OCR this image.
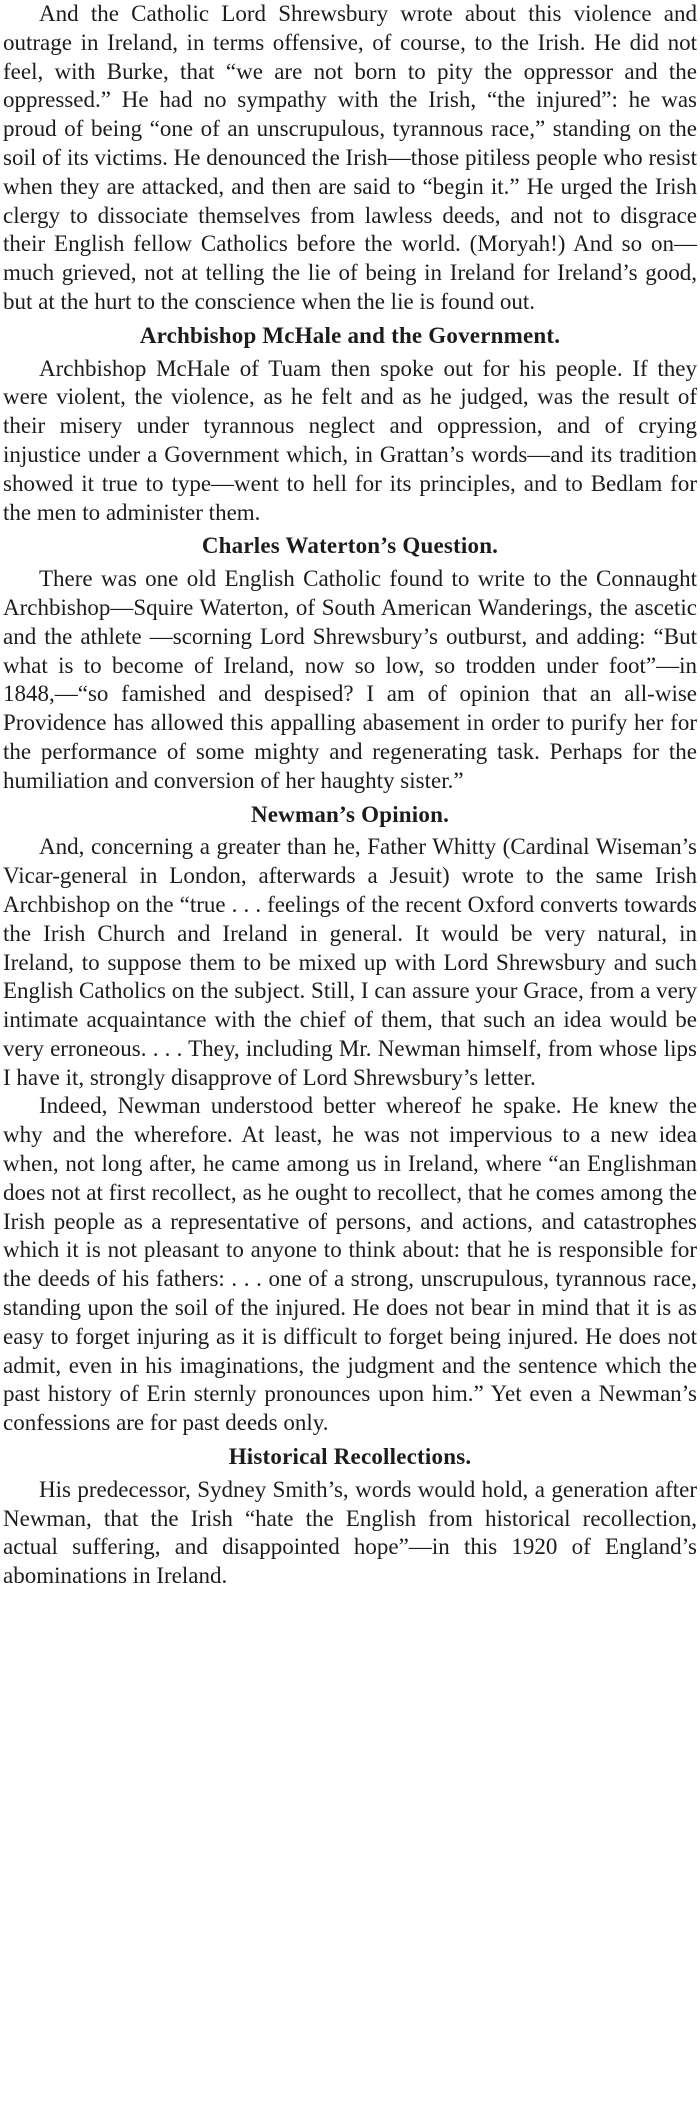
And the Catholic Lord Shrewsbury wrote about this violence and outrage in Ireland, in terms offensive, of course, to the Irish. He did not feel, with Burke, that “we are not born to pity the oppressor and the oppressed.” He had no sympathy with the Irish, “the injured”: he was proud of being “one of an unscrupulous, tyrannous race,” standing on the soil of its victims. He denounced the Irish—those pitiless people who resist when they are attacked, and then are said to “begin it.” He urged the Irish clergy to dissociate themselves from lawless deeds, and not to disgrace their English fellow Catholics before the world. (Moryah!) And so on—much grieved, not at telling the lie of being in Ireland for Ireland’s good, but at the hurt to the conscience when the lie is found out.

Archbishop McHale and the Government.

Archbishop McHale of Tuam then spoke out for his people. If they were violent, the violence, as he felt and as he judged, was the result of their misery under tyrannous neglect and oppression, and of crying injustice under a Government which, in Grattan’s words—and its tradition showed it true to type—went to hell for its principles, and to Bedlam for the men to administer them.

Charles Waterton’s Question.

There was one old English Catholic found to write to the Connaught Archbishop—Squire Waterton, of South American Wanderings, the ascetic and the athlete —scorning Lord Shrewsbury’s outburst, and adding: “But what is to become of Ireland, now so low, so trodden under foot”—in 1848,—“so famished and despised? I am of opinion that an all-wise Providence has allowed this appalling abasement in order to purify her for the performance of some mighty and regenerating task. Perhaps for the humiliation and conversion of her haughty sister.”

Newman’s Opinion.

And, concerning a greater than he, Father Whitty (Cardinal Wiseman’s Vicar-general in London, afterwards a Jesuit) wrote to the same Irish Archbishop on the “true . . . feelings of the recent Oxford converts towards the Irish Church and Ireland in general. It would be very natural, in Ireland, to suppose them to be mixed up with Lord Shrewsbury and such English Catholics on the subject. Still, I can assure your Grace, from a very intimate acquaintance with the chief of them, that such an idea would be very erroneous. . . . They, including Mr. Newman himself, from whose lips I have it, strongly disapprove of Lord Shrewsbury’s letter.

Indeed, Newman understood better whereof he spake. He knew the why and the wherefore. At least, he was not impervious to a new idea when, not long after, he came among us in Ireland, where “an Englishman does not at first recollect, as he ought to recollect, that he comes among the Irish people as a representative of persons, and actions, and catastrophes which it is not pleasant to anyone to think about: that he is responsible for the deeds of his fathers: . . . one of a strong, unscrupulous, tyrannous race, standing upon the soil of the injured. He does not bear in mind that it is as easy to forget injuring as it is difficult to forget being injured. He does not admit, even in his imaginations, the judgment and the sentence which the past history of Erin sternly pronounces upon him.” Yet even a Newman’s confessions are for past deeds only.

Historical Recollections.

His predecessor, Sydney Smith’s, words would hold, a generation after Newman, that the Irish “hate the English from historical recollection, actual suffering, and disappointed hope”—in this 1920 of England’s abominations in Ireland.
